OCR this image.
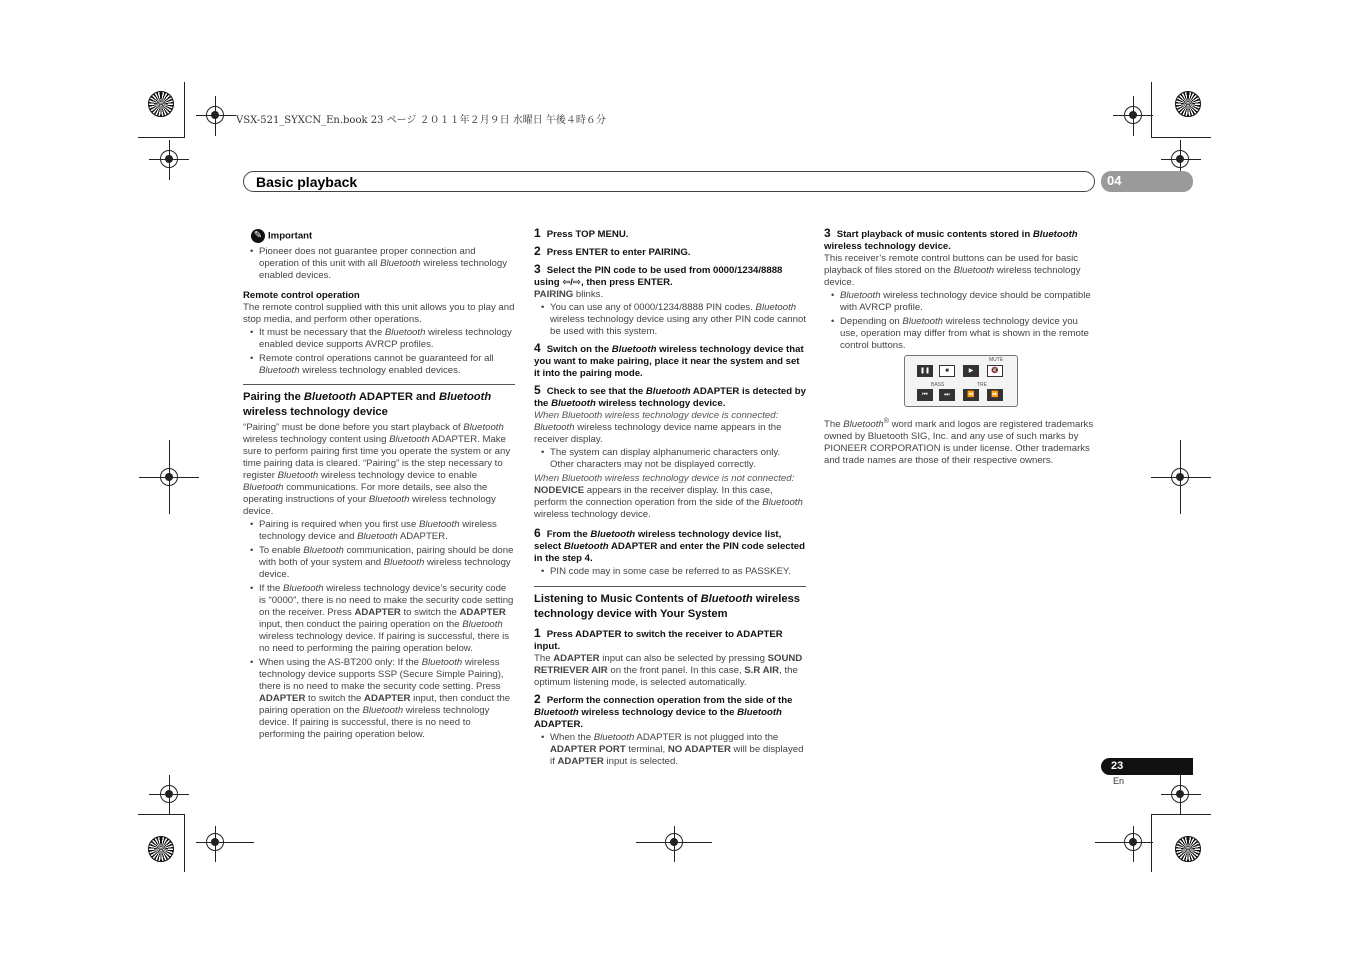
VSX-521_SYXCN_En.book 23 ページ ２０１１年２月９日 水曜日 午後４時６分
Basic playback	04
✎ Important
• Pioneer does not guarantee proper connection and operation of this unit with all Bluetooth wireless technology enabled devices.
Remote control operation

The remote control supplied with this unit allows you to play and stop media, and perform other operations.

• It must be necessary that the Bluetooth wireless technology enabled device supports AVRCP profiles.
• Remote control operations cannot be guaranteed for all Bluetooth wireless technology enabled devices.
Pairing the Bluetooth ADAPTER and Bluetooth wireless technology device

“Pairing” must be done before you start playback of Bluetooth wireless technology content using Bluetooth ADAPTER. Make sure to perform pairing first time you operate the system or any time pairing data is cleared. “Pairing” is the step necessary to register Bluetooth wireless technology device to enable Bluetooth communications. For more details, see also the operating instructions of your Bluetooth wireless technology device.

• Pairing is required when you first use Bluetooth wireless technology device and Bluetooth ADAPTER.
• To enable Bluetooth communication, pairing should be done with both of your system and Bluetooth wireless technology device.
• If the Bluetooth wireless technology device’s security code is “0000”, there is no need to make the security code setting on the receiver. Press ADAPTER to switch the ADAPTER input, then conduct the pairing operation on the Bluetooth wireless technology device. If pairing is successful, there is no need to performing the pairing operation below.
• When using the AS-BT200 only: If the Bluetooth wireless technology device supports SSP (Secure Simple Pairing), there is no need to make the security code setting. Press ADAPTER to switch the ADAPTER input, then conduct the pairing operation on the Bluetooth wireless technology device. If pairing is successful, there is no need to performing the pairing operation below.
1 Press TOP MENU.
2 Press ENTER to enter PAIRING.
3 Select the PIN code to be used from 0000/1234/8888 using ⇦/⇨, then press ENTER.

PAIRING blinks.

• You can use any of 0000/1234/8888 PIN codes. Bluetooth wireless technology device using any other PIN code cannot be used with this system.
4 Switch on the Bluetooth wireless technology device that you want to make pairing, place it near the system and set it into the pairing mode.
5 Check to see that the Bluetooth ADAPTER is detected by the Bluetooth wireless technology device.

When Bluetooth wireless technology device is connected:

Bluetooth wireless technology device name appears in the receiver display.

• The system can display alphanumeric characters only. Other characters may not be displayed correctly.

When Bluetooth wireless technology device is not connected:

NODEVICE appears in the receiver display. In this case, perform the connection operation from the side of the Bluetooth wireless technology device.

6 From the Bluetooth wireless technology device list, select Bluetooth ADAPTER and enter the PIN code selected in the step 4.
• PIN code may in some case be referred to as PASSKEY.
Listening to Music Contents of Bluetooth wireless technology device with Your System
1 Press ADAPTER to switch the receiver to ADAPTER input.

The ADAPTER input can also be selected by pressing SOUND RETRIEVER AIR on the front panel. In this case, S.R AIR, the optimum listening mode, is selected automatically.

2 Perform the connection operation from the side of the Bluetooth wireless technology device to the Bluetooth ADAPTER.
• When the Bluetooth ADAPTER is not plugged into the ADAPTER PORT terminal, NO ADAPTER will be displayed if ADAPTER input is selected.
3 Start playback of music contents stored in Bluetooth wireless technology device.

This receiver’s remote control buttons can be used for basic playback of files stored on the Bluetooth wireless technology device.

• Bluetooth wireless technology device should be compatible with AVRCP profile.
• Depending on Bluetooth wireless technology device you use, operation may differ from what is shown in the remote control buttons.
MUTE
❚❚	■	▶	🔇
BASS	TRE
⏮	⏭	⏪	⏩

The Bluetooth® word mark and logos are registered trademarks owned by Bluetooth SIG, Inc. and any use of such marks by PIONEER CORPORATION is under license. Other trademarks and trade names are those of their respective owners.

23
En
